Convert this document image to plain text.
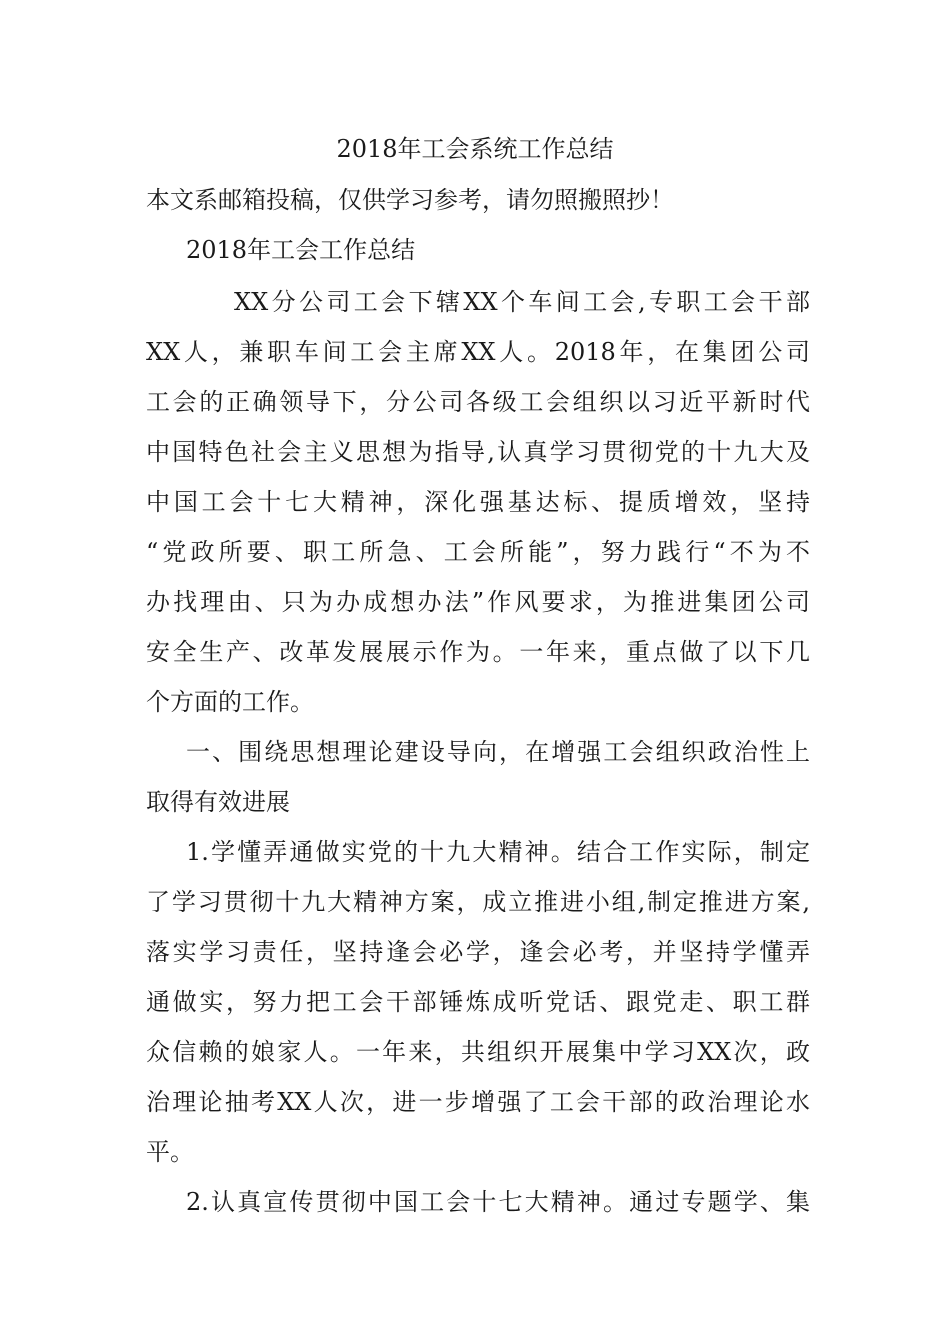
2018年工会系统工作总结

本文系邮箱投稿，仅供学习参考，请勿照搬照抄！

2018年工会工作总结

XX分公司工会下辖XX个车间工会,专职工会干部
XX人，兼职车间工会主席XX人。2018年，在集团公司
工会的正确领导下，分公司各级工会组织以习近平新时代
中国特色社会主义思想为指导,认真学习贯彻党的十九大及
中国工会十七大精神，深化强基达标、提质增效，坚持
“党政所要、职工所急、工会所能”，努力践行“不为不
办找理由、只为办成想办法”作风要求，为推进集团公司
安全生产、改革发展展示作为。一年来，重点做了以下几
个方面的工作。
一、围绕思想理论建设导向，在增强工会组织政治性上
取得有效进展
1.学懂弄通做实党的十九大精神。结合工作实际，制定
了学习贯彻十九大精神方案，成立推进小组,制定推进方案,
落实学习责任，坚持逢会必学，逢会必考，并坚持学懂弄
通做实，努力把工会干部锤炼成听党话、跟党走、职工群
众信赖的娘家人。一年来，共组织开展集中学习XX次，政
治理论抽考XX人次，进一步增强了工会干部的政治理论水
平。
2.认真宣传贯彻中国工会十七大精神。通过专题学、集
